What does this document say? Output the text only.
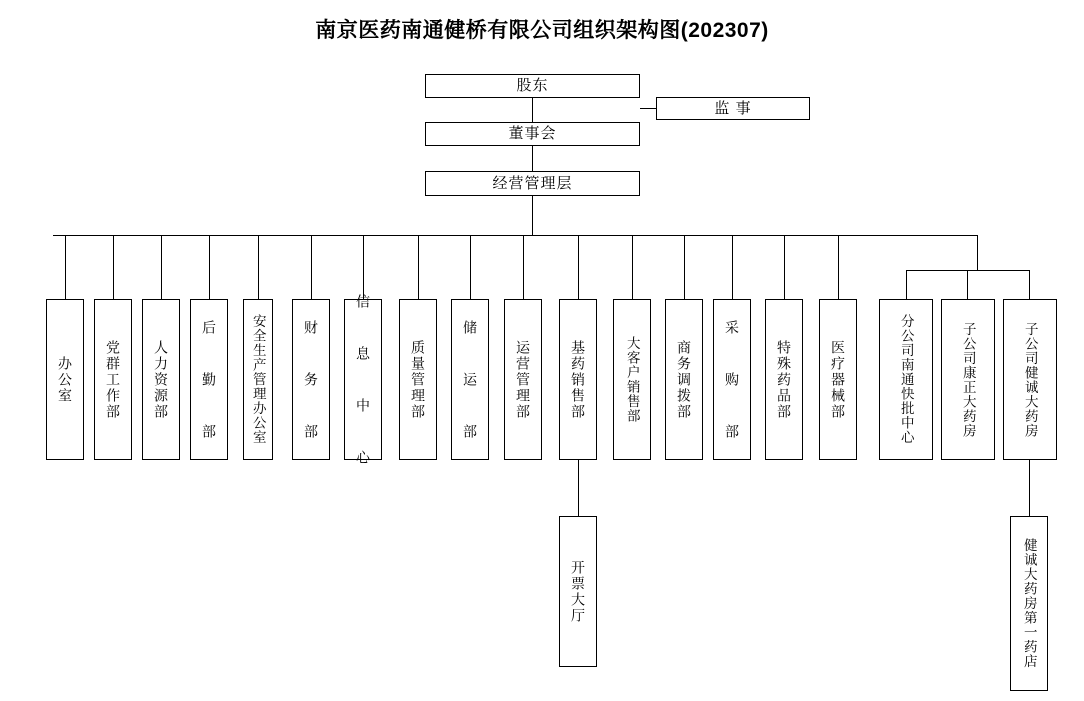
南京医药南通健桥有限公司组织架构图(202307)
股东
监 事
董事会
经营管理层
办公室 党群工作部 人力资源部 后  勤  部 安全生产管理办公室	财  务  部	信  息  中  心	质量管理部	储  运  部	运营管理部	基药销售部	大客户销售部	商务调拨部 采  购  部	特殊药品部	医疗器械部	分公司南通快批中心	子公司康正大药房	子公司健诚大药房
开票大厅	健诚大药房第一药店
